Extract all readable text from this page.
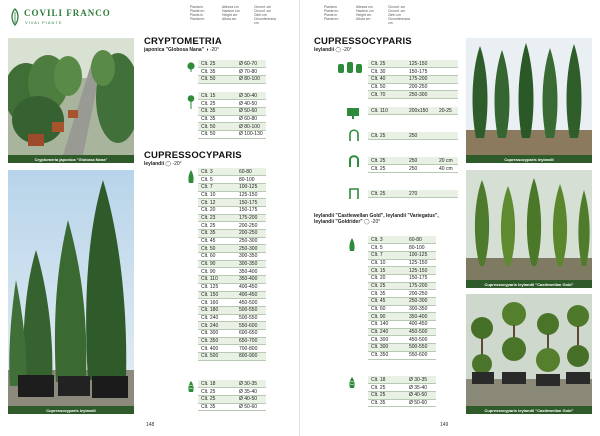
COVILI FRANCO
VIVAI PIANTE
Pianta in
Plante en
Plants in
Planta en
Altezza cm
Hauteur cm
Height cm
Altura cm
Circonf. cm
Circonf. cm
Girth cm
Circunferencia cm
Cryptomeria japonica "Globosa Nana"
Cupressocyparis leylandii
CRYPTOMETRIA
japonica "Globosa Nana" ◑ -20°
Clt. 25	Ø 60-70
Clt. 35	Ø 70-80
Clt. 50	Ø 80-100
Clt. 15	Ø 30-40
Clt. 25	Ø 40-50
Clt. 35	Ø 50-60
Clt. 35	Ø 60-80
Clt. 50	Ø 80-100
Clt. 50	Ø 100-130
CUPRESSOCYPARIS
leylandii ◯ -20°
Clt. 3	60-80
Clt. 5	80-100
Clt. 7	100-125
Clt. 10	125-150
Clt. 12	150-175
Clt. 20	150-175
Clt. 23	175-200
Clt. 25	200-250
Clt. 35	200-250
Clt. 45	250-300
Clt. 50	250-300
Clt. 60	300-350
Clt. 90	300-350
Clt. 90	350-400
Clt. 110	350-400
Clt. 125	400-450
Clt. 150	400-450
Clt. 160	450-500
Clt. 180	500-550
Clt. 240	500-550
Clt. 240	550-600
Clt. 300	600-650
Clt. 350	650-700
Clt. 400	700-800
Clt. 500	800-900
Clt. 18	Ø 30-35
Clt. 25	Ø 35-40
Clt. 25	Ø 40-50
Clt. 35	Ø 50-60
148
Pianta in
Plante en
Plants in
Planta en
Altezza cm
Hauteur cm
Height cm
Altura cm
Circonf. cm
Circonf. cm
Girth cm
Circunferencia cm
CUPRESSOCYPARIS
leylandii ◯ -20°
Clt. 25	125-150	
Clt. 30	150-175	
Clt. 40	175-200	
Clt. 50	200-250	
Clt. 70	250-300	
Clt. 110	200x150	20-25
Clt. 25	250	
Clt. 25	250	20 cm
Clt. 25	250	40 cm
Clt. 25	270	
leylandii "Castlewellan Gold", leylandii "Variegatus",
leylandii "Goldrider" ◯ -20°
Clt. 3	60-80
Clt. 5	80-100
Clt. 7	100-125
Clt. 10	125-150
Clt. 15	125-150
Clt. 20	150-175
Clt. 25	175-200
Clt. 35	200-250
Clt. 45	250-300
Clt. 60	300-350
Clt. 90	350-400
Clt. 140	400-450
Clt. 240	450-500
Clt. 300	450-500
Clt. 300	500-550
Clt. 350	550-600
Clt. 18	Ø 30-35
Clt. 25	Ø 35-40
Clt. 25	Ø 40-50
Clt. 35	Ø 50-60
Cupressocyparis leylandii
Cupressocyparis leylandii "Castlewellan Gold"
Cupressocyparis leylandii "Castlewellan Gold"
149
